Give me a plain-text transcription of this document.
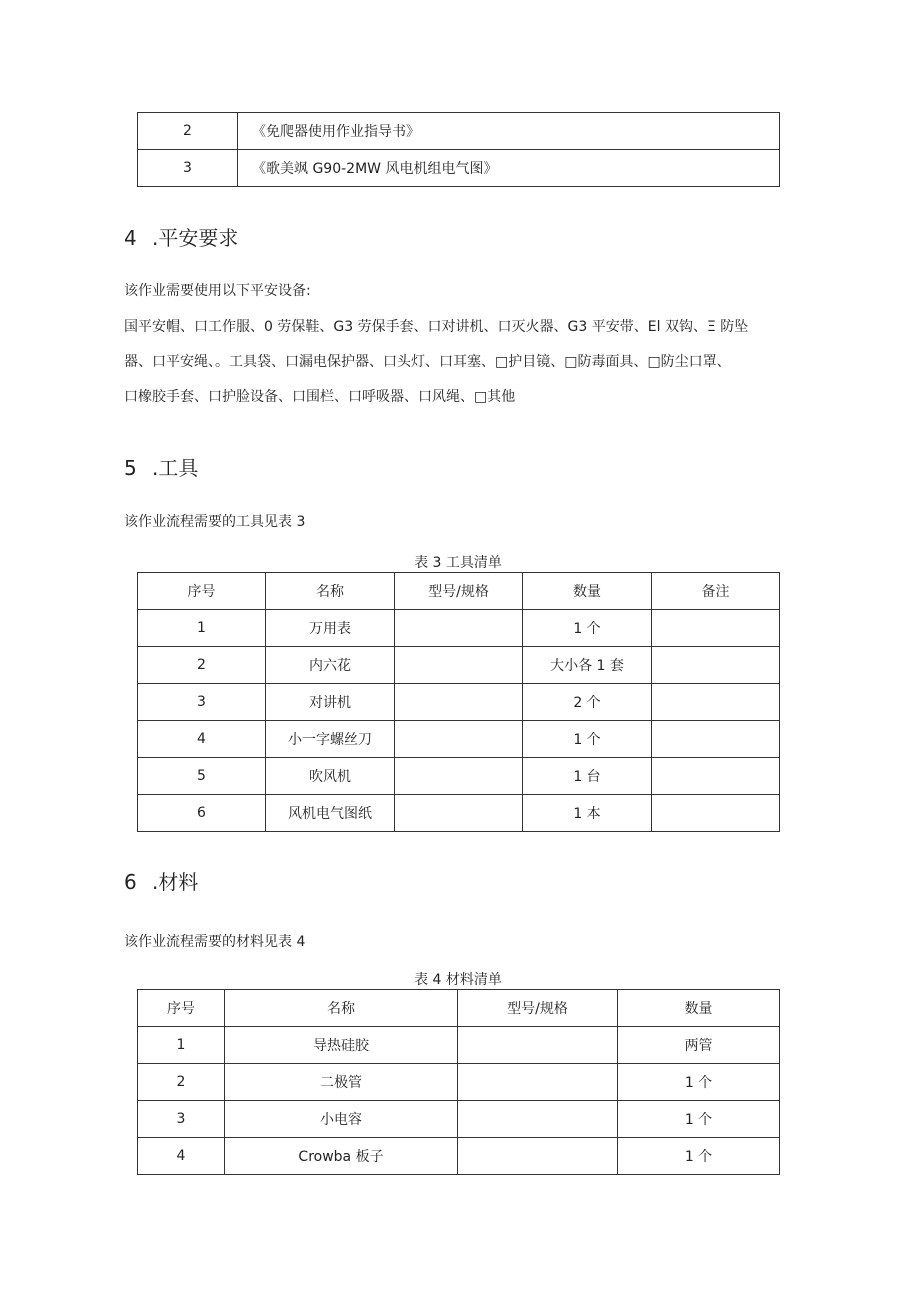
2	《免爬器使用作业指导书》
3	《歌美飒 G90-2MW 风电机组电气图》
4 .平安要求
该作业需要使用以下平安设备:
国平安帽、口工作服、0 劳保鞋、G3 劳保手套、口对讲机、口灭火器、G3 平安带、El 双钩、Ξ 防坠
器、口平安绳、。工具袋、口漏电保护器、口头灯、口耳塞、□护目镜、□防毒面具、□防尘口罩、
口橡胶手套、口护脸设备、口围栏、口呼吸器、口风绳、□其他
5 .工具
该作业流程需要的工具见表 3
表 3 工具清单
序号	名称	型号/规格	数量	备注
1	万用表		1 个	
2	内六花		大小各 1 套	
3	对讲机		2 个	
4	小一字螺丝刀		1 个	
5	吹风机		1 台	
6	风机电气图纸		1 本	
6 .材料
该作业流程需要的材料见表 4
表 4 材料清单
序号	名称	型号/规格	数量
1	导热硅胶		两管
2	二极管		1 个
3	小电容		1 个
4	Crowba 板子		1 个
